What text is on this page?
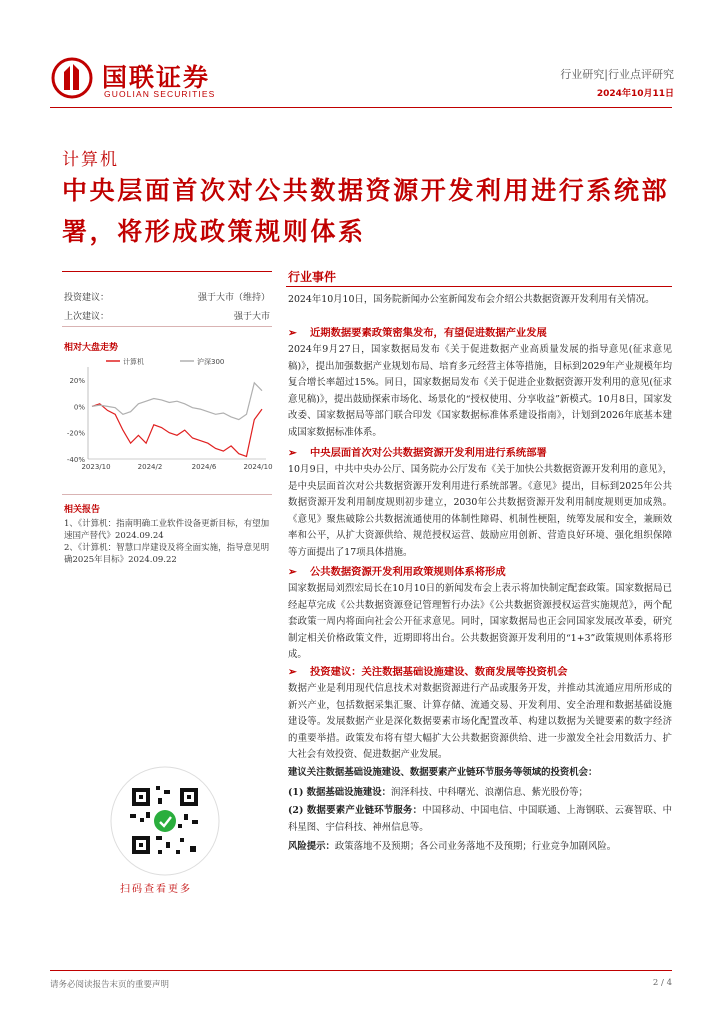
国联证券
GUOLIAN SECURITIES
行业研究|行业点评研究
2024年10月11日
计算机
中央层面首次对公共数据资源开发利用进行系统部署，将形成政策规则体系
投资建议：	强于大市（维持）
上次建议：	强于大市
相对大盘走势
20%
0%
-20%
-40%
2023/10	2024/2	2024/6	2024/10
计算机	沪深300
相关报告
1、《计算机：指南明确工业软件设备更新目标，有望加速国产替代》2024.09.24
2、《计算机：智慧口岸建设及将全面实施，指导意见明确2025年目标》2024.09.22
扫码查看更多
行业事件
2024年10月10日，国务院新闻办公室新闻发布会介绍公共数据资源开发利用有关情况。
➢ 近期数据要素政策密集发布，有望促进数据产业发展
2024年9月27日，国家数据局发布《关于促进数据产业高质量发展的指导意见(征求意见稿)》，提出加强数据产业规划布局、培育多元经营主体等措施，目标到2029年产业规模年均复合增长率超过15%。同日，国家数据局发布《关于促进企业数据资源开发利用的意见(征求意见稿)》，提出鼓励探索市场化、场景化的“授权使用、分享收益”新模式。10月8日，国家发改委、国家数据局等部门联合印发《国家数据标准体系建设指南》，计划到2026年底基本建成国家数据标准体系。
➢ 中央层面首次对公共数据资源开发利用进行系统部署
10月9日，中共中央办公厅、国务院办公厅发布《关于加快公共数据资源开发利用的意见》，是中央层面首次对公共数据资源开发利用进行系统部署。《意见》提出，目标到2025年公共数据资源开发利用制度规则初步建立，2030年公共数据资源开发利用制度规则更加成熟。《意见》聚焦破除公共数据流通使用的体制性障碍、机制性梗阻，统筹发展和安全，兼顾效率和公平，从扩大资源供给、规范授权运营、鼓励应用创新、营造良好环境、强化组织保障等方面提出了17项具体措施。
➢ 公共数据资源开发利用政策规则体系将形成
国家数据局刘烈宏局长在10月10日的新闻发布会上表示将加快制定配套政策。国家数据局已经起草完成《公共数据资源登记管理暂行办法》《公共数据资源授权运营实施规范》，两个配套政策一周内将面向社会公开征求意见。同时，国家数据局也正会同国家发展改革委，研究制定相关价格政策文件，近期即将出台。公共数据资源开发利用的“1+3”政策规则体系将形成。
➢ 投资建议：关注数据基础设施建设、数商发展等投资机会
数据产业是利用现代信息技术对数据资源进行产品或服务开发，并推动其流通应用所形成的新兴产业，包括数据采集汇聚、计算存储、流通交易、开发利用、安全治理和数据基础设施建设等。发展数据产业是深化数据要素市场化配置改革、构建以数据为关键要素的数字经济的重要举措。政策发布将有望大幅扩大公共数据资源供给、进一步激发全社会用数活力、扩大社会有效投资、促进数据产业发展。
建议关注数据基础设施建设、数据要素产业链环节服务等领域的投资机会：
(1) 数据基础设施建设：润泽科技、中科曙光、浪潮信息、紫光股份等；
(2) 数据要素产业链环节服务：中国移动、中国电信、中国联通、上海钢联、云赛智联、中科星图、宇信科技、神州信息等。
风险提示：政策落地不及预期；各公司业务落地不及预期；行业竞争加剧风险。
请务必阅读报告末页的重要声明	2 / 4
